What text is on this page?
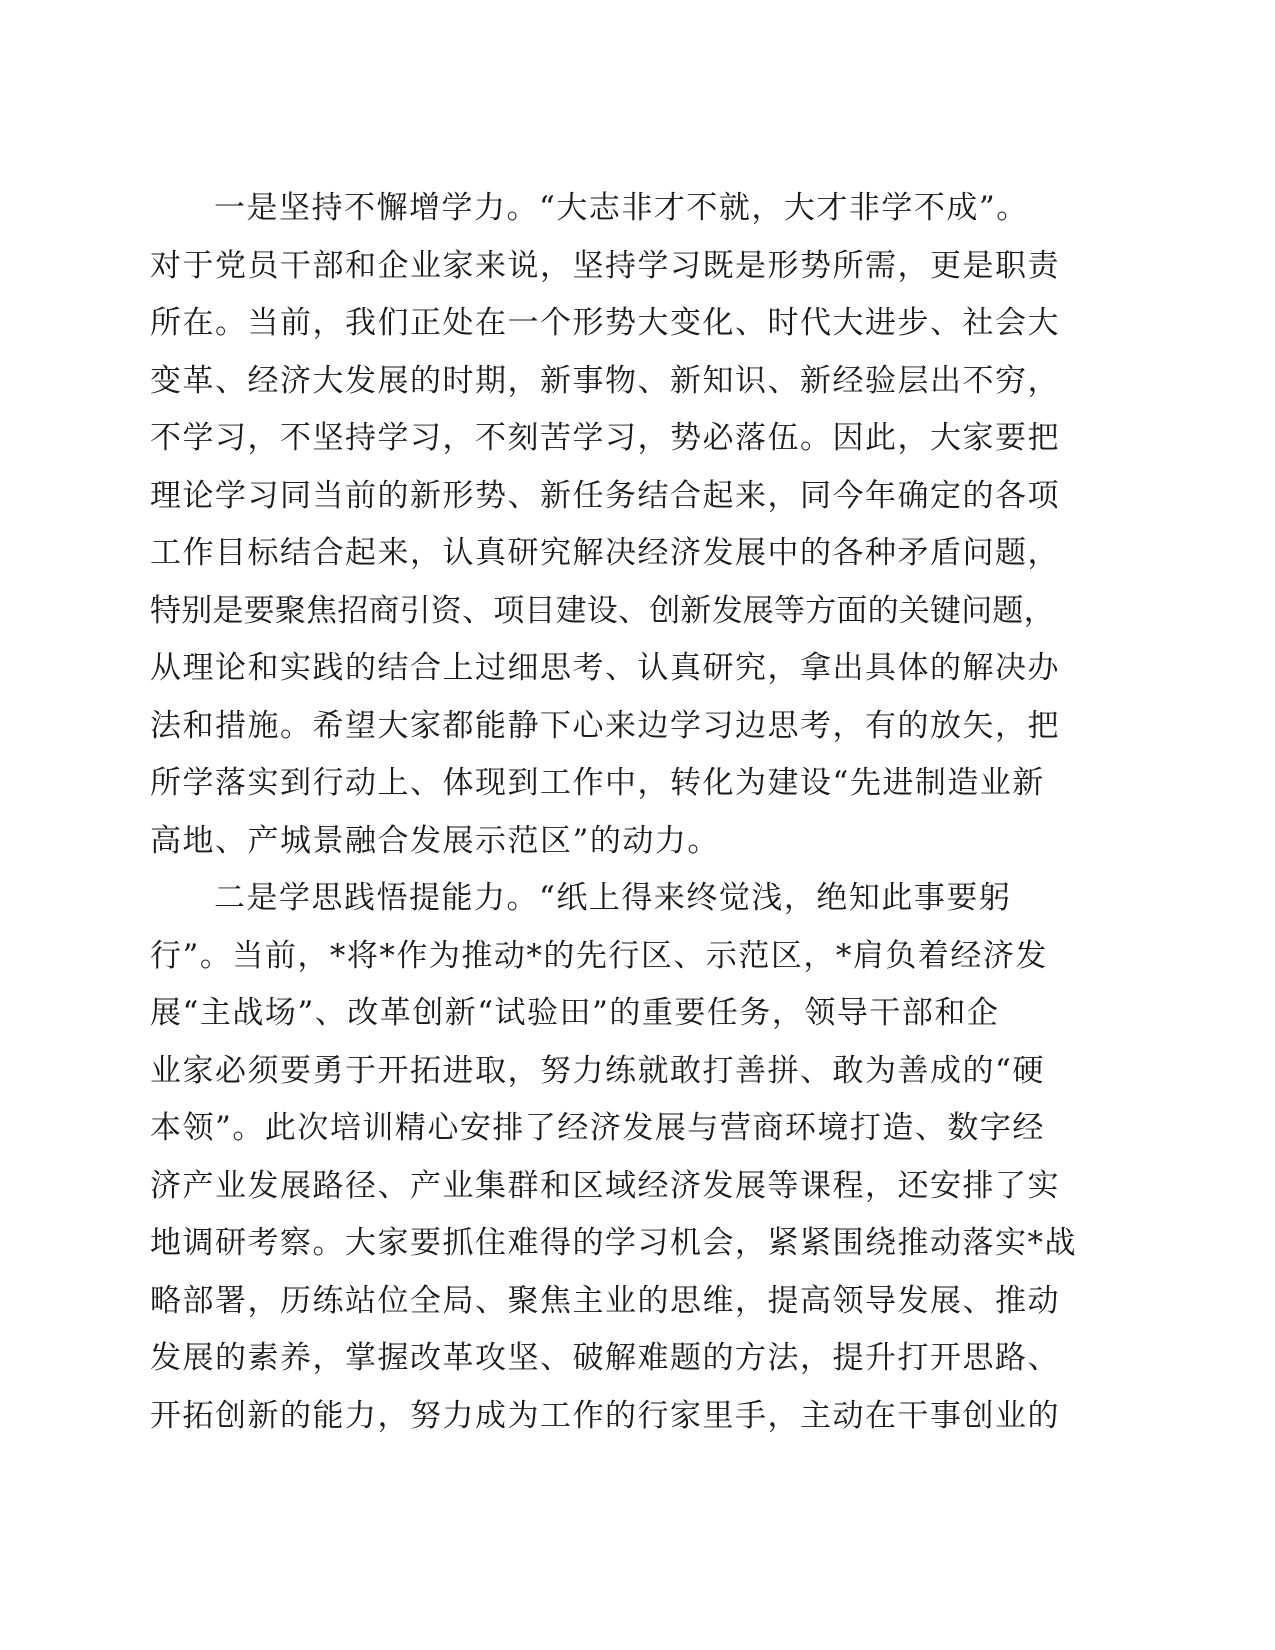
一是坚持不懈增学力。“大志非才不就，大才非学不成”。
对于党员干部和企业家来说，坚持学习既是形势所需，更是职责
所在。当前，我们正处在一个形势大变化、时代大进步、社会大
变革、经济大发展的时期，新事物、新知识、新经验层出不穷，
不学习，不坚持学习，不刻苦学习，势必落伍。因此，大家要把
理论学习同当前的新形势、新任务结合起来，同今年确定的各项
工作目标结合起来，认真研究解决经济发展中的各种矛盾问题，
特别是要聚焦招商引资、项目建设、创新发展等方面的关键问题，
从理论和实践的结合上过细思考、认真研究，拿出具体的解决办
法和措施。希望大家都能静下心来边学习边思考，有的放矢，把
所学落实到行动上、体现到工作中，转化为建设“先进制造业新
高地、产城景融合发展示范区”的动力。
二是学思践悟提能力。“纸上得来终觉浅，绝知此事要躬
行”。当前，*将*作为推动*的先行区、示范区，*肩负着经济发
展“主战场”、改革创新“试验田”的重要任务，领导干部和企
业家必须要勇于开拓进取，努力练就敢打善拼、敢为善成的“硬
本领”。此次培训精心安排了经济发展与营商环境打造、数字经
济产业发展路径、产业集群和区域经济发展等课程，还安排了实
地调研考察。大家要抓住难得的学习机会，紧紧围绕推动落实*战
略部署，历练站位全局、聚焦主业的思维，提高领导发展、推动
发展的素养，掌握改革攻坚、破解难题的方法，提升打开思路、
开拓创新的能力，努力成为工作的行家里手，主动在干事创业的
